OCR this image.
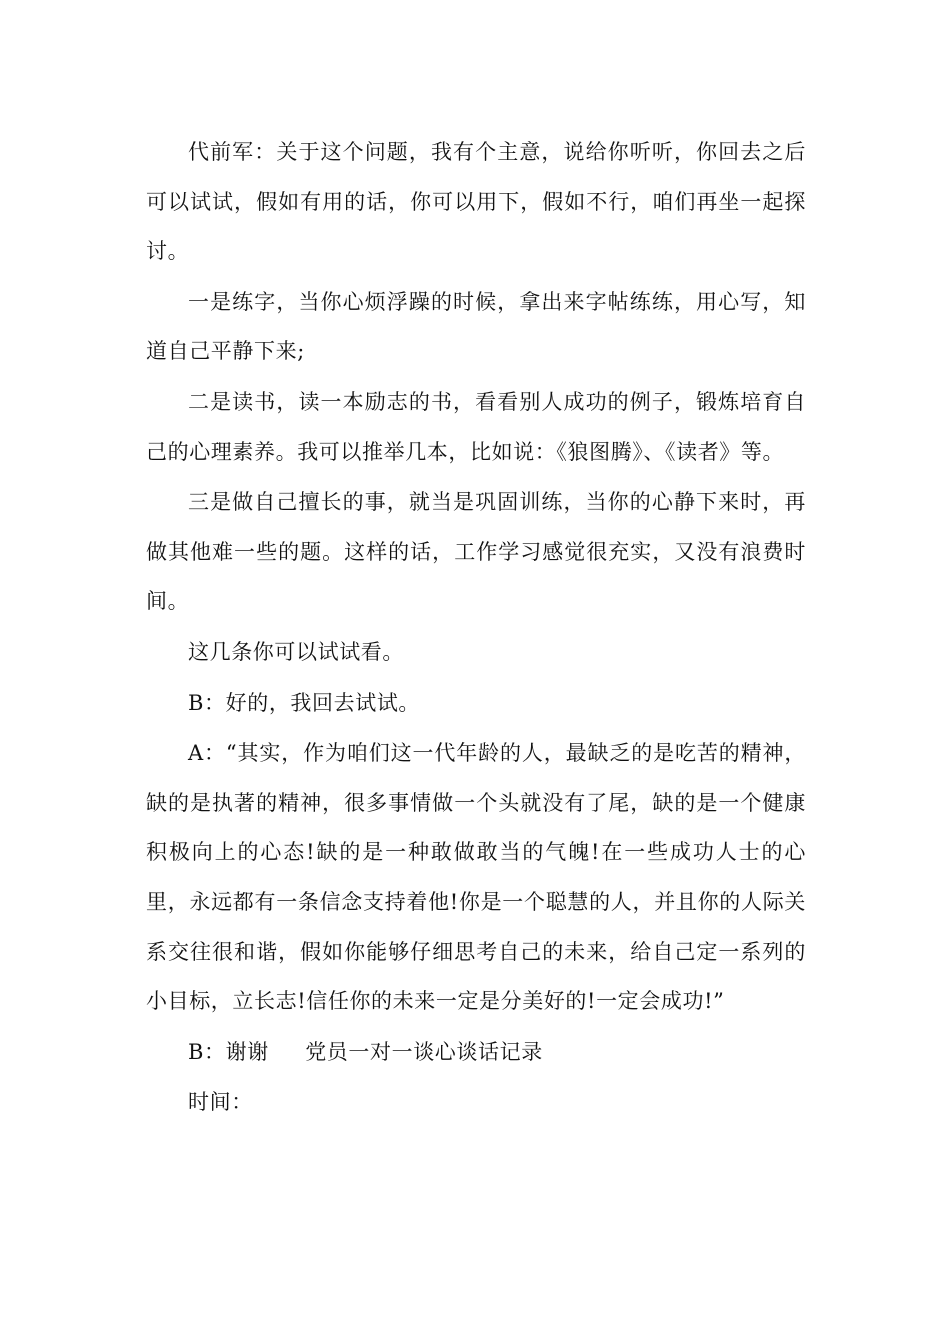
代前军：关于这个问题，我有个主意，说给你听听，你回去之后可以试试，假如有用的话，你可以用下，假如不行，咱们再坐一起探讨。

一是练字，当你心烦浮躁的时候，拿出来字帖练练，用心写，知道自己平静下来;

二是读书，读一本励志的书，看看别人成功的例子，锻炼培育自己的心理素养。我可以推举几本，比如说：《狼图腾》、《读者》等。

三是做自己擅长的事，就当是巩固训练，当你的心静下来时，再做其他难一些的题。这样的话，工作学习感觉很充实，又没有浪费时间。

这几条你可以试试看。

B：好的，我回去试试。

A：“其实，作为咱们这一代年龄的人，最缺乏的是吃苦的精神，缺的是执著的精神，很多事情做一个头就没有了尾，缺的是一个健康积极向上的心态!缺的是一种敢做敢当的气魄!在一些成功人士的心里，永远都有一条信念支持着他!你是一个聪慧的人，并且你的人际关系交往很和谐，假如你能够仔细思考自己的未来，给自己定一系列的小目标，立长志!信任你的未来一定是分美好的!一定会成功!”

B：谢谢     党员一对一谈心谈话记录

时间：
